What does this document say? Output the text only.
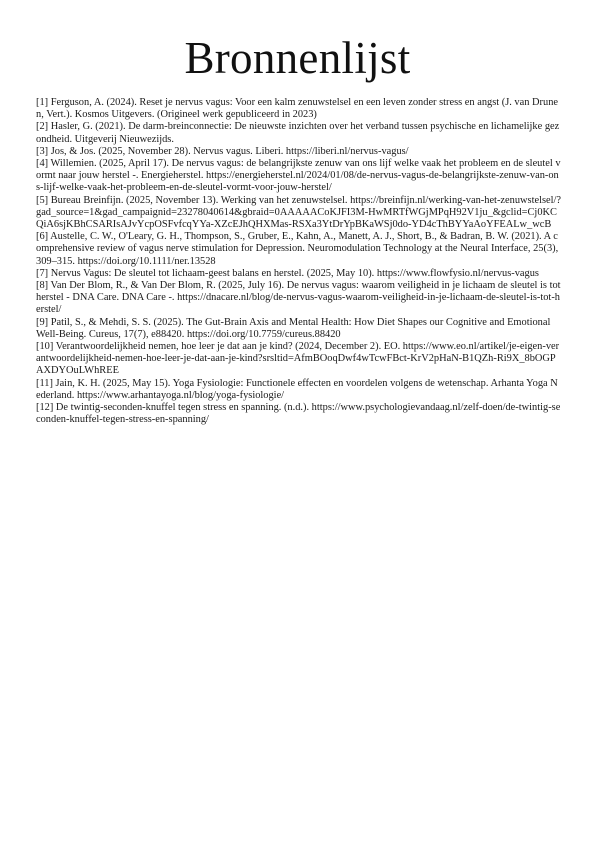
Bronnenlijst
[1] Ferguson, A. (2024). Reset je nervus vagus: Voor een kalm zenuwstelsel en een leven zonder stress en angst (J. van Drunen, Vert.). Kosmos Uitgevers. (Origineel werk gepubliceerd in 2023)
[2] Hasler, G. (2021). De darm-breinconnectie: De nieuwste inzichten over het verband tussen psychische en lichamelijke gezondheid. Uitgeverij Nieuwezijds.
[3] Jos, & Jos. (2025, November 28). Nervus vagus. Liberi. https://liberi.nl/nervus-vagus/
[4] Willemien. (2025, April 17). De nervus vagus: de belangrijkste zenuw van ons lijf welke vaak het probleem en de sleutel vormt naar jouw herstel -. Energieherstel. https://energieherstel.nl/2024/01/08/de-nervus-vagus-de-belangrijkste-zenuw-van-ons-lijf-welke-vaak-het-probleem-en-de-sleutel-vormt-voor-jouw-herstel/
[5] Bureau Breinfijn. (2025, November 13). Werking van het zenuwstelsel. https://breinfijn.nl/werking-van-het-zenuwstelsel/?gad_source=1&gad_campaignid=23278040614&gbraid=0AAAAACoKJFI3M-HwMRTfWGjMPqH92V1ju_&gclid=Cj0KCQiA6sjKBhCSARIsAJvYcpOSFvfcqYYa-XZcEJhQHXMas-RSXa3YtDrYpBKaWSj0do-YD4cThBYYaAoYFEALw_wcB
[6] Austelle, C. W., O'Leary, G. H., Thompson, S., Gruber, E., Kahn, A., Manett, A. J., Short, B., & Badran, B. W. (2021). A comprehensive review of vagus nerve stimulation for Depression. Neuromodulation Technology at the Neural Interface, 25(3), 309–315. https://doi.org/10.1111/ner.13528
[7] Nervus Vagus: De sleutel tot lichaam-geest balans en herstel. (2025, May 10). https://www.flowfysio.nl/nervus-vagus
[8] Van Der Blom, R., & Van Der Blom, R. (2025, July 16). De nervus vagus: waarom veiligheid in je lichaam de sleutel is tot herstel - DNA Care. DNA Care -. https://dnacare.nl/blog/de-nervus-vagus-waarom-veiligheid-in-je-lichaam-de-sleutel-is-tot-herstel/
[9] Patil, S., & Mehdi, S. S. (2025). The Gut-Brain Axis and Mental Health: How Diet Shapes our Cognitive and Emotional Well-Being. Cureus, 17(7), e88420. https://doi.org/10.7759/cureus.88420
[10] Verantwoordelijkheid nemen, hoe leer je dat aan je kind? (2024, December 2). EO. https://www.eo.nl/artikel/je-eigen-verantwoordelijkheid-nemen-hoe-leer-je-dat-aan-je-kind?srsltid=AfmBOoqDwf4wTcwFBct-KrV2pHaN-B1QZh-Ri9X_8bOGPAXDYOuLWhREE
[11] Jain, K. H. (2025, May 15). Yoga Fysiologie: Functionele effecten en voordelen volgens de wetenschap. Arhanta Yoga Nederland. https://www.arhantayoga.nl/blog/yoga-fysiologie/
[12] De twintig-seconden-knuffel tegen stress en spanning. (n.d.). https://www.psychologievandaag.nl/zelf-doen/de-twintig-seconden-knuffel-tegen-stress-en-spanning/
